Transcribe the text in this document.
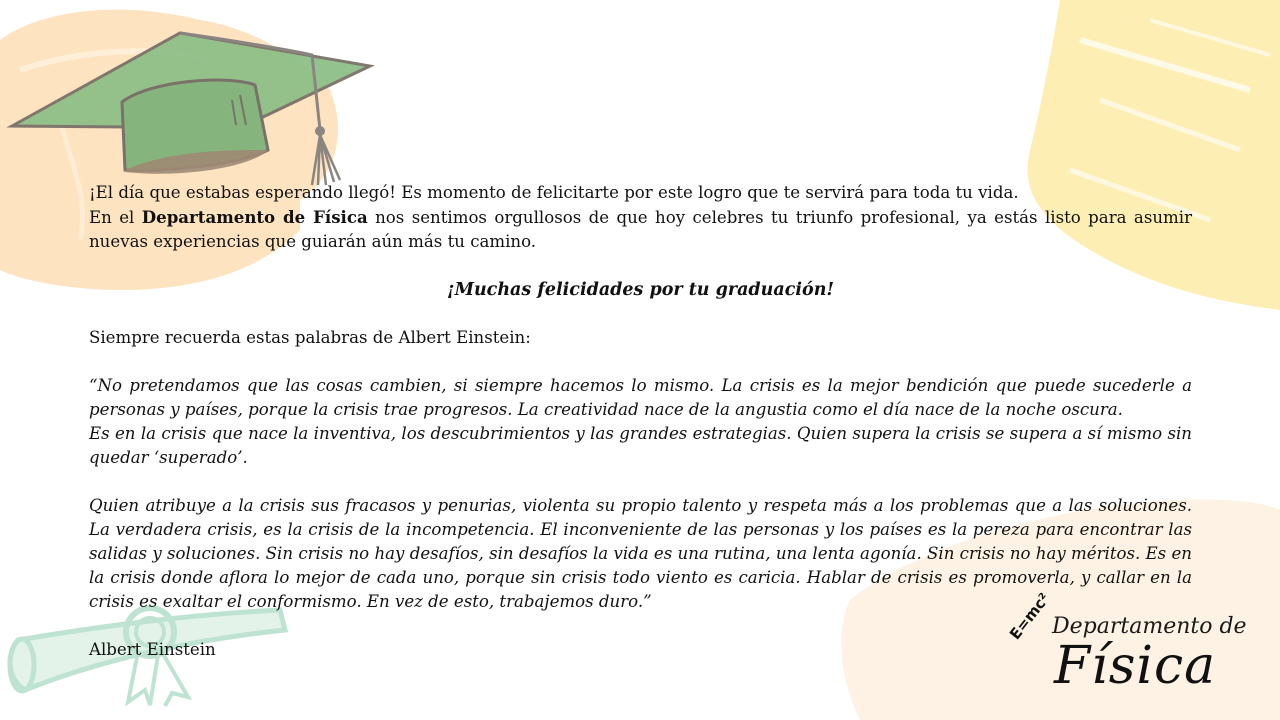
¡El día que estabas esperando llegó! Es momento de felicitarte por este logro que te servirá para toda tu vida.

En el Departamento de Física nos sentimos orgullosos de que hoy celebres tu triunfo profesional, ya estás listo para asumir nuevas experiencias que guiarán aún más tu camino.

¡Muchas felicidades por tu graduación!

Siempre recuerda estas palabras de Albert Einstein:

“No pretendamos que las cosas cambien, si siempre hacemos lo mismo. La crisis es la mejor bendición que puede sucederle a personas y países, porque la crisis trae progresos. La creatividad nace de la angustia como el día nace de la noche oscura.

Es en la crisis que nace la inventiva, los descubrimientos y las grandes estrategias. Quien supera la crisis se supera a sí mismo sin quedar ‘superado’.

Quien atribuye a la crisis sus fracasos y penurias, violenta su propio talento y respeta más a los problemas que a las soluciones. La verdadera crisis, es la crisis de la incompetencia. El inconveniente de las personas y los países es la pereza para encontrar las salidas y soluciones. Sin crisis no hay desafíos, sin desafíos la vida es una rutina, una lenta agonía. Sin crisis no hay méritos. Es en la crisis donde aflora lo mejor de cada uno, porque sin crisis todo viento es caricia. Hablar de crisis es promoverla, y callar en la crisis es exaltar el conformismo. En vez de esto, trabajemos duro.”

Albert Einstein

E=mc²
Departamento de
Física
